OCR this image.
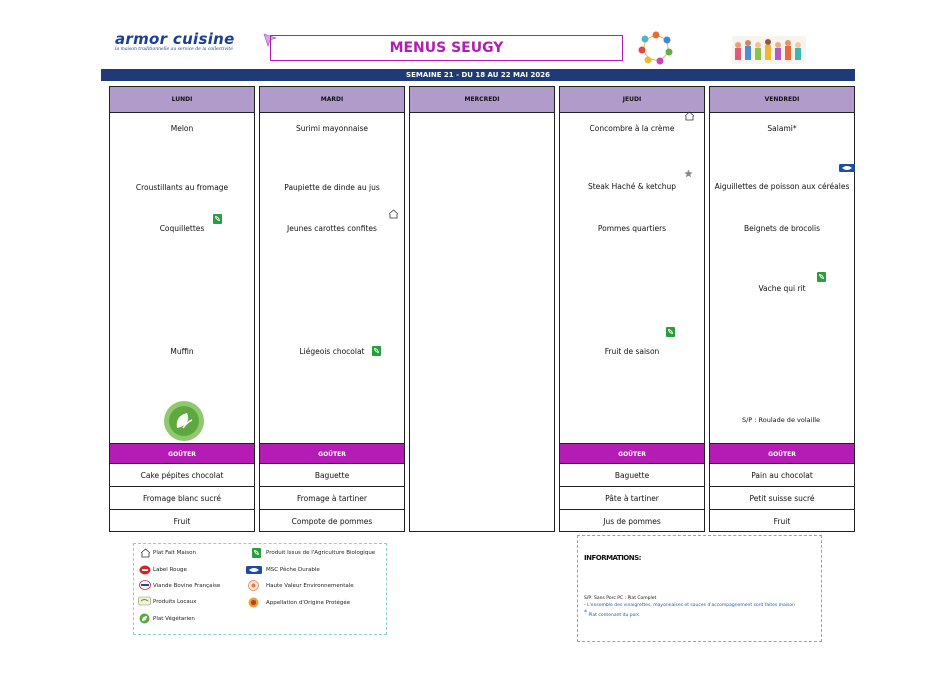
armor cuisine
la maison traditionnelle au service de la collectivité	MENUS SEUGY
SEMAINE 21 - DU 18 AU 22 MAI 2026
LUNDI
Melon
Croustillants au fromage
Coquillettes
Muffin
GOÛTER
Cake pépites chocolat
Fromage blanc sucré
Fruit
MARDI
Surimi mayonnaise
Paupiette de dinde au jus
Jeunes carottes confites
Liégeois chocolat
GOÛTER
Baguette
Fromage à tartiner
Compote de pommes
MERCREDI	JEUDI
Concombre à la crème
Steak Haché & ketchup
Pommes quartiers
Fruit de saison
GOÛTER
Baguette
Pâte à tartiner
Jus de pommes
VENDREDI
Salami*
Aiguillettes de poisson aux céréales
Beignets de brocolis
Vache qui rit
S/P : Roulade de volaille
GOÛTER
Pain au chocolat
Petit suisse sucré
Fruit
Plat Fait Maison
Label Rouge
Viande Bovine Française
Produits Locaux
Plat Végétarien
Produit Issus de l'Agriculture Biologique
MSC Pêche Durable
Haute Valeur Environnementale
Appellation d'Origine Protégée
INFORMATIONS:
S/P: Sans Porc PC : Plat Complet
- L'ensemble des vinaigrettes, mayonnaises et sauces d'accompagnement sont faites maison
* Plat contenant du porc
